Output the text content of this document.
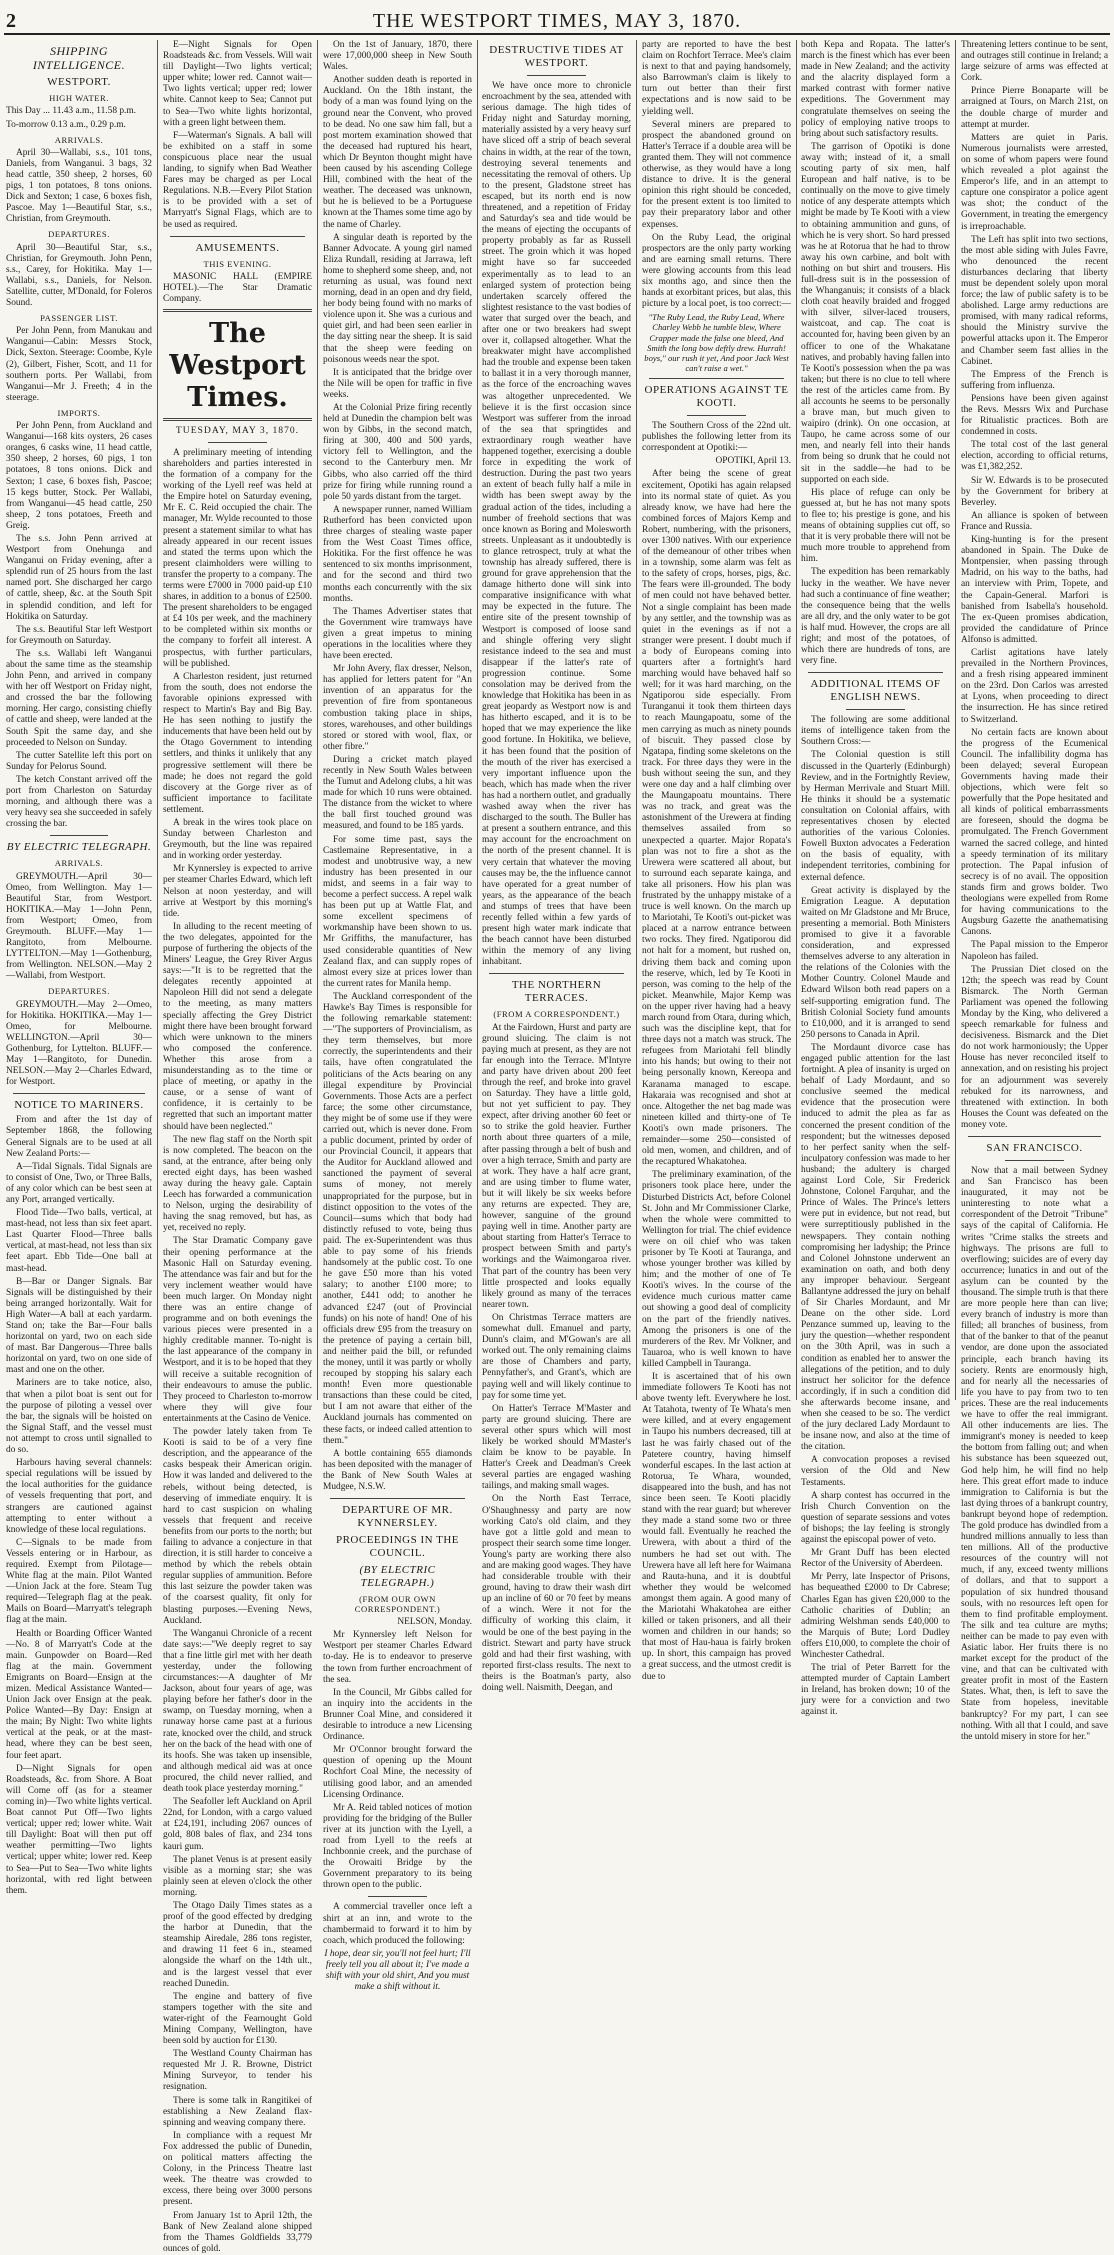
2	THE WESTPORT TIMES, MAY 3, 1870.
SHIPPING INTELLIGENCE.
WESTPORT.
HIGH WATER.

This Day ... 11.43 a.m., 11.58 p.m.

To-morrow 0.13 a.m., 0.29 p.m.

ARRIVALS.

April 30—Wallabi, s.s., 101 tons, Daniels, from Wanganui. 3 bags, 32 head cattle, 350 sheep, 2 horses, 60 pigs, 1 ton potatoes, 8 tons onions. Dick and Sexton; 1 case, 6 boxes fish, Pascoe. May 1—Beautiful Star, s.s., Christian, from Greymouth.

DEPARTURES.

April 30—Beautiful Star, s.s., Christian, for Greymouth. John Penn, s.s., Carey, for Hokitika. May 1—Wallabi, s.s., Daniels, for Nelson. Satellite, cutter, M'Donald, for Foleros Sound.

PASSENGER LIST.

Per John Penn, from Manukau and Wanganui—Cabin: Messrs Stock, Dick, Sexton. Steerage: Coombe, Kyle (2), Gilbert, Fisher, Scott, and 11 for southern ports. Per Wallabi, from Wanganui—Mr J. Freeth; 4 in the steerage.

IMPORTS.

Per John Penn, from Auckland and Wanganui—168 kits oysters, 26 cases oranges, 6 casks wine, 11 head cattle, 350 sheep, 2 horses, 60 pigs, 1 ton potatoes, 8 tons onions. Dick and Sexton; 1 case, 6 boxes fish, Pascoe; 15 kegs butter, Stock. Per Wallabi, from Wanganui—45 head cattle, 250 sheep, 2 tons potatoes, Freeth and Greig.

The s.s. John Penn arrived at Westport from Onehunga and Wanganui on Friday evening, after a splendid run of 25 hours from the last named port. She discharged her cargo of cattle, sheep, &c. at the South Spit in splendid condition, and left for Hokitika on Saturday.

The s.s. Beautiful Star left Westport for Greymouth on Saturday.

The s.s. Wallabi left Wanganui about the same time as the steamship John Penn, and arrived in company with her off Westport on Friday night, and crossed the bar the following morning. Her cargo, consisting chiefly of cattle and sheep, were landed at the South Spit the same day, and she proceeded to Nelson on Sunday.

The cutter Satellite left this port on Sunday for Pelorus Sound.

The ketch Constant arrived off the port from Charleston on Saturday morning, and although there was a very heavy sea she succeeded in safely crossing the bar.

BY ELECTRIC TELEGRAPH.
ARRIVALS.

GREYMOUTH.—April 30—Omeo, from Wellington. May 1—Beautiful Star, from Westport. HOKITIKA.—May 1—John Penn, from Westport; Omeo, from Greymouth. BLUFF.—May 1—Rangitoto, from Melbourne. LYTTELTON.—May 1—Gothenburg, from Wellington. NELSON.—May 2—Wallabi, from Westport.

DEPARTURES.

GREYMOUTH.—May 2—Omeo, for Hokitika. HOKITIKA.—May 1—Omeo, for Melbourne. WELLINGTON.—April 30—Gothenburg, for Lyttelton. BLUFF.—May 1—Rangitoto, for Dunedin. NELSON.—May 2—Charles Edward, for Westport.

NOTICE TO MARINERS.

From and after the 1st day of September 1868, the following General Signals are to be used at all New Zealand Ports:—

A—Tidal Signals. Tidal Signals are to consist of One, Two, or Three Balls, of any color which can be best seen at any Port, arranged vertically.

Flood Tide—Two balls, vertical, at mast-head, not less than six feet apart. Last Quarter Flood—Three balls vertical, at mast-head, not less than six feet apart. Ebb Tide—One ball at mast-head.

B—Bar or Danger Signals. Bar Signals will be distinguished by their being arranged horizontally. Wait for High Water—A ball at each yardarm. Stand on; take the Bar—Four balls horizontal on yard, two on each side of mast. Bar Dangerous—Three balls horizontal on yard, two on one side of mast and one on the other.

Mariners are to take notice, also, that when a pilot boat is sent out for the purpose of piloting a vessel over the bar, the signals will be hoisted on the Signal Staff, and the vessel must not attempt to cross until signalled to do so.

Harbours having several channels: special regulations will be issued by the local authorities for the guidance of vessels frequenting that port, and strangers are cautioned against attempting to enter without a knowledge of these local regulations.

C—Signals to be made from Vessels entering or in Harbour, as required. Exempt from Pilotage—White flag at the main. Pilot Wanted—Union Jack at the fore. Steam Tug required—Telegraph flag at the peak. Mails on Board—Marryatt's telegraph flag at the main.

Health or Boarding Officer Wanted—No. 8 of Marryatt's Code at the main. Gunpowder on Board—Red flag at the main. Government Emigrants on Board—Ensign at the mizen. Medical Assistance Wanted—Union Jack over Ensign at the peak. Police Wanted—By Day: Ensign at the main; By Night: Two white lights vertical at the peak, or at the mast-head, where they can be best seen, four feet apart.

D—Night Signals for open Roadsteads, &c. from Shore. A Boat will Come off (as for a steamer coming in)—Two white lights vertical. Boat cannot Put Off—Two lights vertical; upper red; lower white. Wait till Daylight: Boat will then put off weather permitting—Two lights vertical; upper white; lower red. Keep to Sea—Put to Sea—Two white lights horizontal, with red light between them.

E—Night Signals for Open Roadsteads &c. from Vessels. Will wait till Daylight—Two lights vertical; upper white; lower red. Cannot wait—Two lights vertical; upper red; lower white. Cannot keep to Sea; Cannot put to Sea—Two white lights horizontal, with a green light between them.

F—Waterman's Signals. A ball will be exhibited on a staff in some conspicuous place near the usual landing, to signify when Bad Weather Fares may be charged as per Local Regulations. N.B.—Every Pilot Station is to be provided with a set of Marryatt's Signal Flags, which are to be used as required.

AMUSEMENTS.
THIS EVENING.

MASONIC HALL (EMPIRE HOTEL).—The Star Dramatic Company.

The Westport Times.
TUESDAY, MAY 3, 1870.

A preliminary meeting of intending shareholders and parties interested in the formation of a company for the working of the Lyell reef was held at the Empire hotel on Saturday evening, Mr E. C. Reid occupied the chair. The manager, Mr. Wylde recounted to those present a statement similar to what has already appeared in our recent issues and stated the terms upon which the present claimholders were willing to transfer the property to a company. The terms were £7000 in 7000 paid-up £10 shares, in addition to a bonus of £2500. The present shareholders to be engaged at £4 10s per week, and the machinery to be completed within six months or the company to forfeit all interest. A prospectus, with further particulars, will be published.

A Charleston resident, just returned from the south, does not endorse the favorable opinions expressed with respect to Martin's Bay and Big Bay. He has seen nothing to justify the inducements that have been held out by the Otago Government to intending settlers, and thinks it unlikely that any progressive settlement will there be made; he does not regard the gold discovery at the Gorge river as of sufficient importance to facilitate settlement.

A break in the wires took place on Sunday between Charleston and Greymouth, but the line was repaired and in working order yesterday.

Mr Kynnersley is expected to arrive per steamer Charles Edward, which left Nelson at noon yesterday, and will arrive at Westport by this morning's tide.

In alluding to the recent meeting of the two delegates, appointed for the purpose of furthering the objects of the Miners' League, the Grey River Argus says:—"It is to be regretted that the delegates recently appointed at Napoleon Hill did not send a delegate to the meeting, as many matters specially affecting the Grey District might there have been brought forward which were unknown to the miners who composed the conference. Whether this arose from a misunderstanding as to the time or place of meeting, or apathy in the cause, or a sense of want of confidence, it is certainly to be regretted that such an important matter should have been neglected."

The new flag staff on the North spit is now completed. The beacon on the sand, at the entrance, after being only erected eight days, has been washed away during the heavy gale. Captain Leech has forwarded a communication to Nelson, urging the desirability of having the snag removed, but has, as yet, received no reply.

The Star Dramatic Company gave their opening performance at the Masonic Hall on Saturday evening. The attendance was fair and but for the very inclement weather would have been much larger. On Monday night there was an entire change of programme and on both evenings the various pieces were presented in a highly creditable manner. To-night is the last appearance of the company in Westport, and it is to be hoped that they will receive a suitable recognition of their endeavours to amuse the public. They proceed to Charleston to-morrow where they will give four entertainments at the Casino de Venice.

The powder lately taken from Te Kooti is said to be of a very fine description, and the appearance of the casks bespeak their American origin. How it was landed and delivered to the rebels, without being detected, is deserving of immediate enquiry. It is hard to cast suspicion on whaling vessels that frequent and receive benefits from our ports to the north; but failing to advance a conjecture in that direction, it is still harder to conceive a method by which the rebels obtain regular supplies of ammunition. Before this last seizure the powder taken was of the coarsest quality, fit only for blasting purposes.—Evening News, Auckland.

The Wanganui Chronicle of a recent date says:—"We deeply regret to say that a fine little girl met with her death yesterday, under the following circumstances:—A daughter of Mr Jackson, about four years of age, was playing before her father's door in the swamp, on Tuesday morning, when a runaway horse came past at a furious rate, knocked over the child, and struck her on the back of the head with one of its hoofs. She was taken up insensible, and although medical aid was at once procured, the child never rallied, and death took place yesterday morning."

The Seafoller left Auckland on April 22nd, for London, with a cargo valued at £24,191, including 2067 ounces of gold, 808 bales of flax, and 234 tons kauri gum.

The planet Venus is at present easily visible as a morning star; she was plainly seen at eleven o'clock the other morning.

The Otago Daily Times states as a proof of the good effected by dredging the harbor at Dunedin, that the steamship Airedale, 286 tons register, and drawing 11 feet 6 in., steamed alongside the wharf on the 14th ult., and is the largest vessel that ever reached Dunedin.

The engine and battery of five stampers together with the site and water-right of the Fearnought Gold Mining Company, Wellington, have been sold by auction for £130.

The Westland County Chairman has requested Mr J. R. Browne, District Mining Surveyor, to tender his resignation.

There is some talk in Rangitikei of establishing a New Zealand flax-spinning and weaving company there.

In compliance with a request Mr Fox addressed the public of Dunedin, on political matters affecting the Colony, in the Princess Theatre last week. The theatre was crowded to excess, there being over 3000 persons present.

From January 1st to April 12th, the Bank of New Zealand alone shipped from the Thames Goldfields 33,779 ounces of gold.

On the 1st of January, 1870, there were 17,000,000 sheep in New South Wales.

Another sudden death is reported in Auckland. On the 18th instant, the body of a man was found lying on the ground near the Convent, who proved to be dead. No one saw him fall, but a post mortem examination showed that the deceased had ruptured his heart, which Dr Beynton thought might have been caused by his ascending College Hill, combined with the heat of the weather. The deceased was unknown, but he is believed to be a Portuguese known at the Thames some time ago by the name of Charley.

A singular death is reported by the Banner Advocate. A young girl named Eliza Rundall, residing at Jarrawa, left home to shepherd some sheep, and, not returning as usual, was found next morning, dead in an open and dry field, her body being found with no marks of violence upon it. She was a curious and quiet girl, and had been seen earlier in the day sitting near the sheep. It is said that the sheep were feeding on poisonous weeds near the spot.

It is anticipated that the bridge over the Nile will be open for traffic in five weeks.

At the Colonial Prize firing recently held at Dunedin the champion belt was won by Gibbs, in the second match, firing at 300, 400 and 500 yards, victory fell to Wellington, and the second to the Canterbury men. Mr Gibbs, who also carried off the third prize for firing while running round a pole 50 yards distant from the target.

A newspaper runner, named William Rutherford has been convicted upon three charges of stealing waste paper from the West Coast Times office, Hokitika. For the first offence he was sentenced to six months imprisonment, and for the second and third two months each concurrently with the six months.

The Thames Advertiser states that the Government wire tramways have given a great impetus to mining operations in the localities where they have been erected.

Mr John Avery, flax dresser, Nelson, has applied for letters patent for "An invention of an apparatus for the prevention of fire from spontaneous combustion taking place in ships, stores, warehouses, and other buildings stored or stored with wool, flax, or other fibre."

During a cricket match played recently in New South Wales between the Tumut and Adelong clubs, a hit was made for which 10 runs were obtained. The distance from the wicket to where the ball first touched ground was measured, and found to be 185 yards.

For some time past, says the Castlemaine Representative, in a modest and unobtrusive way, a new industry has been presented in our midst, and seems in a fair way to become a perfect success. A repel walk has been put up at Wattle Flat, and some excellent specimens of workmanship have been shown to us. Mr Griffiths, the manufacturer, has used considerable quantities of New Zealand flax, and can supply ropes of almost every size at prices lower than the current rates for Manila hemp.

The Auckland correspondent of the Hawke's Bay Times is responsible for the following remarkable statement:—"The supporters of Provincialism, as they term themselves, but more correctly, the superintendents and their tails, have often congratulated the politicians of the Acts bearing on any illegal expenditure by Provincial Governments. Those Acts are a perfect farce; the some other circumstance, they might be of some use if they were carried out, which is never done. From a public document, printed by order of our Provincial Council, it appears that the Auditor for Auckland allowed and sanctioned the payment of several sums of money, not merely unappropriated for the purpose, but in distinct opposition to the votes of the Council—sums which that body had distinctly refused to vote, being thus paid. The ex-Superintendent was thus able to pay some of his friends handsomely at the public cost. To one he gave £50 more than his voted salary; to another £100 more; to another, £441 odd; to another he advanced £247 (out of Provincial funds) on his note of hand! One of his officials drew £95 from the treasury on the pretence of paying a certain bill, and neither paid the bill, or refunded the money, until it was partly or wholly recouped by stopping his salary each month! Even more questionable transactions than these could be cited, but I am not aware that either of the Auckland journals has commented on these facts, or indeed called attention to them."

A bottle containing 655 diamonds has been deposited with the manager of the Bank of New South Wales at Mudgee, N.S.W.

DEPARTURE OF MR. KYNNERSLEY.
PROCEEDINGS IN THE COUNCIL.
(BY ELECTRIC TELEGRAPH.)
(FROM OUR OWN CORRESPONDENT.)

NELSON, Monday.

Mr Kynnersley left Nelson for Westport per steamer Charles Edward to-day. He is to endeavor to preserve the town from further encroachment of the sea.

In the Council, Mr Gibbs called for an inquiry into the accidents in the Brunner Coal Mine, and considered it desirable to introduce a new Licensing Ordinance.

Mr O'Connor brought forward the question of opening up the Mount Rochfort Coal Mine, the necessity of utilising good labor, and an amended Licensing Ordinance.

Mr A. Reid tabled notices of motion providing for the bridging of the Buller river at its junction with the Lyell, a road from Lyell to the reefs at Inchbonnie creek, and the purchase of the Orowaiti Bridge by the Government preparatory to its being thrown open to the public.

A commercial traveller once left a shirt at an inn, and wrote to the chambermaid to forward it to him by coach, which produced the following:

I hope, dear sir, you'll not feel hurt; I'll freely tell you all about it; I've made a shift with your old shirt, And you must make a shift without it.

DESTRUCTIVE TIDES AT WESTPORT.

We have once more to chronicle encroachment by the sea, attended with serious damage. The high tides of Friday night and Saturday morning, materially assisted by a very heavy surf have sliced off a strip of beach several chains in width, at the rear of the town, destroying several tenements and necessitating the removal of others. Up to the present, Gladstone street has escaped, but its north end is now threatened, and a repetition of Friday and Saturday's sea and tide would be the means of ejecting the occupants of property probably as far as Russell street. The groin which it was hoped might have so far succeeded experimentally as to lead to an enlarged system of protection being undertaken scarcely offered the slightest resistance to the vast bodies of water that surged over the beach, and after one or two breakers had swept over it, collapsed altogether. What the breakwater might have accomplished had the trouble and expense been taken to ballast it in a very thorough manner, as the force of the encroaching waves was altogether unprecedented. We believe it is the first occasion since Westport was sufferer from the inroad of the sea that springtides and extraordinary rough weather have happened together, exercising a double force in expediting the work of destruction. During the past two years an extent of beach fully half a mile in width has been swept away by the gradual action of the tides, including a number of freehold sections that was once known as Boring and Molesworth streets. Unpleasant as it undoubtedly is to glance retrospect, truly at what the township has already suffered, there is ground for grave apprehension that the damage hitherto done will sink into comparative insignificance with what may be expected in the future. The entire site of the present township of Westport is composed of loose sand and shingle offering very slight resistance indeed to the sea and must disappear if the latter's rate of progression continue. Some consolation may be derived from the knowledge that Hokitika has been in as great jeopardy as Westport now is and has hitherto escaped, and it is to be hoped that we may experience the like good fortune. In Hokitika, we believe, it has been found that the position of the mouth of the river has exercised a very important influence upon the beach, which has made when the river has had a northern outlet, and gradually washed away when the river has discharged to the south. The Buller has at present a southern entrance, and this may account for the encroachment on the north of the present channel. It is very certain that whatever the moving causes may be, the the influence cannot have operated for a great number of years, as the appearance of the beach and stumps of trees that have been recently felled within a few yards of present high water mark indicate that the beach cannot have been disturbed within the memory of any living inhabitant.

THE NORTHERN TERRACES.
(FROM A CORRESPONDENT.)

At the Fairdown, Hurst and party are ground sluicing. The claim is not paying much at present, as they are not far enough into the Terrace. M'Intyre and party have driven about 200 feet through the reef, and broke into gravel on Saturday. They have a little gold, but not yet sufficient to pay. They expect, after driving another 60 feet or so to strike the gold heavier. Further north about three quarters of a mile, after passing through a belt of bush and over a high terrace, Smith and party are at work. They have a half acre grant, and are using timber to flume water, but it will likely be six weeks before any returns are expected. They are, however, sanguine of the ground paying well in time. Another party are about starting from Hatter's Terrace to prospect between Smith and party's workings and the Waimongaroa river. That part of the country has been very little prospected and looks equally likely ground as many of the terraces nearer town.

On Christmas Terrace matters are somewhat dull. Emanuel and party, Dunn's claim, and M'Gowan's are all worked out. The only remaining claims are those of Chambers and party, Pennyfather's, and Grant's, which are paying well and will likely continue to pay for some time yet.

On Hatter's Terrace M'Master and party are ground sluicing. There are several other spurs which will most likely be worked should M'Master's claim be know to be payable. In Hatter's Creek and Deadman's Creek several parties are engaged washing tailings, and making small wages.

On the North East Terrace, O'Shaughnessy and party are now working Cato's old claim, and they have got a little gold and mean to prospect their search some time longer. Young's party are working there also and are making good wages. They have had considerable trouble with their ground, having to draw their wash dirt up an incline of 60 or 70 feet by means of a winch. Were it not for the difficulty of working this claim, it would be one of the best paying in the district. Stewart and party have struck gold and had their first washing, with reported first-class results. The next to theirs is the Boatman's party, also doing well. Naismith, Deegan, and

party are reported to have the best claim on Rochfort Terrace. Mee's claim is next to that and paying handsomely, also Barrowman's claim is likely to turn out better than their first expectations and is now said to be yielding well.

Several miners are prepared to prospect the abandoned ground on Hatter's Terrace if a double area will be granted them. They will not commence otherwise, as they would have a long distance to drive. It is the general opinion this right should be conceded, for the present extent is too limited to pay their preparatory labor and other expenses.

On the Ruby Lead, the original prospectors are the only party working and are earning small returns. There were glowing accounts from this lead six months ago, and since then the hands at exorbitant prices, but alas, this picture by a local poet, is too correct:—

"The Ruby Lead, the Ruby Lead, Where Charley Webb he tumble blew, Where Crapper made the false one bleed, And Smith the long bow deftly drew. Hurrah! boys," our rush it yet, And poor Jack West can't raise a wet."

OPERATIONS AGAINST TE KOOTI.

The Southern Cross of the 22nd ult. publishes the following letter from its correspondent at Opotiki:—

OPOTIKI, April 13.

After being the scene of great excitement, Opotiki has again relapsed into its normal state of quiet. As you already know, we have had here the combined forces of Majors Kemp and Robert, numbering, with the prisoners, over 1300 natives. With our experience of the demeanour of other tribes when in a township, some alarm was felt as to the safety of crops, horses, pigs, &c. The fears were ill-grounded. The body of men could not have behaved better. Not a single complaint has been made by any settler, and the township was as quiet in the evenings as if not a stranger were present. I doubt much if a body of Europeans coming into quarters after a fortnight's hard marching would have behaved half so well; for it was hard marching, on the Ngatiporou side especially. From Turanganui it took them thirteen days to reach Maungapoatu, some of the men carrying as much as ninety pounds of biscuit. They passed close by Ngatapa, finding some skeletons on the track. For three days they were in the bush without seeing the sun, and they were one day and a half climbing over the Maungapoatu mountains. There was no track, and great was the astonishment of the Urewera at finding themselves assailed from so unexpected a quarter. Major Ropata's plan was not to fire a shot as the Urewera were scattered all about, but to surround each separate kainga, and take all prisoners. How his plan was frustrated by the unhappy mistake of a truce is well known. On the march up to Mariotahi, Te Kooti's out-picket was placed at a narrow entrance between two rocks. They fired. Ngatiporou did not halt for a moment, but rushed on, driving them back and coming upon the reserve, which, led by Te Kooti in person, was coming to the help of the picket. Meanwhile, Major Kemp was on the upper river having had a heavy march round from Otara, during which, such was the discipline kept, that for three days not a match was struck. The refugees from Mariotahi fell blindly into his hands; but owing to their not being personally known, Kereopa and Karanama managed to escape. Hakaraia was recognised and shot at once. Altogether the net bag made was nineteen killed and thirty-one of Te Kooti's own made prisoners. The remainder—some 250—consisted of old men, women, and children, and of the recaptured Whakatohea.

The preliminary examination, of the prisoners took place here, under the Disturbed Districts Act, before Colonel St. John and Mr Commissioner Clarke, when the whole were committed to Wellington for trial. The chief evidence were on oil chief who was taken prisoner by Te Kooti at Tauranga, and whose younger brother was killed by him; and the mother of one of Te Kooti's wives. In the course of the evidence much curious matter came out showing a good deal of complicity on the part of the friendly natives. Among the prisoners is one of the murderers of the Rev. Mr Volkner, and Tauaroa, who is well known to have killed Campbell in Tauranga.

It is ascertained that of his own immediate followers Te Kooti has not above twenty left. Everywhere he lost. At Tatahota, twenty of Te Whata's men were killed, and at every engagement in Taupo his numbers decreased, till at last he was fairly chased out of the Patetere country, having himself wonderful escapes. In the last action at Rotorua, Te Whara, wounded, disappeared into the bush, and has not since been seen. Te Kooti placidly stand with the rear guard; but wherever they made a stand some two or three would fall. Eventually he reached the Urewera, with about a third of the numbers he had set out with. The Urewera have all left here for Waimana and Rauta-huna, and it is doubtful whether they would be welcomed amongst them again. A good many of the Mariotahi Whakatohea are either killed or taken prisoners, and all their women and children in our hands; so that most of Hau-haua is fairly broken up. In short, this campaign has proved a great success, and the utmost credit is due to

both Kepa and Ropata. The latter's march is the finest which has ever been made in New Zealand; and the activity and the alacrity displayed form a marked contrast with former native expeditions. The Government may congratulate themselves on seeing the policy of employing native troops to bring about such satisfactory results.

The garrison of Opotiki is done away with; instead of it, a small scouting party of six men, half European and half native, is to be continually on the move to give timely notice of any desperate attempts which might be made by Te Kooti with a view to obtaining ammunition and guns, of which he is very short. So hard pressed was he at Rotorua that he had to throw away his own carbine, and bolt with nothing on but shirt and trousers. His full-dress suit is in the possession of the Whanganuis; it consists of a black cloth coat heavily braided and frogged with silver, silver-laced trousers, waistcoat, and cap. The coat is accounted for, having been given by an officer to one of the Whakatane natives, and probably having fallen into Te Kooti's possession when the pa was taken; but there is no clue to tell where the rest of the articles came from. By all accounts he seems to be personally a brave man, but much given to waipiro (drink). On one occasion, at Taupo, he came across some of our men, and nearly fell into their hands from being so drunk that he could not sit in the saddle—he had to be supported on each side.

His place of refuge can only be guessed at, but he has not many spots to flee to; his prestige is gone, and his means of obtaining supplies cut off, so that it is very probable there will not be much more trouble to apprehend from him.

The expedition has been remarkably lucky in the weather. We have never had such a continuance of fine weather; the consequence being that the wells are all dry, and the only water to be got is half mud. However, the crops are all right; and most of the potatoes, of which there are hundreds of tons, are very fine.

ADDITIONAL ITEMS OF ENGLISH NEWS.

The following are some additional items of intelligence taken from the Southern Cross:—

The Colonial question is still discussed in the Quarterly (Edinburgh) Review, and in the Fortnightly Review, by Herman Merrivale and Stuart Mill. He thinks it should be a systematic consultation on Colonial affairs, with representatives chosen by elected authorities of the various Colonies. Fowell Buxton advocates a Federation on the basis of equality, with independent territories, combining for external defence.

Great activity is displayed by the Emigration League. A deputation waited on Mr Gladstone and Mr Bruce, presenting a memorial. Both Ministers promised to give it a favorable consideration, and expressed themselves adverse to any alteration in the relations of the Colonies with the Mother Country. Colonel Maude and Edward Wilson both read papers on a self-supporting emigration fund. The British Colonial Society fund amounts to £10,000, and it is arranged to send 250 persons to Canada in April.

The Mordaunt divorce case has engaged public attention for the last fortnight. A plea of insanity is urged on behalf of Lady Mordaunt, and so conclusive seemed the medical evidence that the prosecution were induced to admit the plea as far as concerned the present condition of the respondent; but the witnesses deposed to her perfect sanity when the self-inculpatory confession was made to her husband; the adultery is charged against Lord Cole, Sir Frederick Johnstone, Colonel Farquhar, and the Prince of Wales. The Prince's letters were put in evidence, but not read, but were surreptitiously published in the newspapers. They contain nothing compromising her ladyship; the Prince and Colonel Johnstone underwent an examination on oath, and both deny any improper behaviour. Sergeant Ballantyne addressed the jury on behalf of Sir Charles Mordaunt, and Mr Deane on the other side. Lord Penzance summed up, leaving to the jury the question—whether respondent on the 30th April, was in such a condition as enabled her to answer the allegations of the petition, and to duly instruct her solicitor for the defence accordingly, if in such a condition did she afterwards become insane, and when she ceased to be so. The verdict of the jury declared Lady Mordaunt to be insane now, and also at the time of the citation.

A convocation proposes a revised version of the Old and New Testaments.

A sharp contest has occurred in the Irish Church Convention on the question of separate sessions and votes of bishops; the lay feeling is strongly against the episcopal power of veto.

Mr Grant Duff has been elected Rector of the University of Aberdeen.

Mr Perry, late Inspector of Prisons, has bequeathed £2000 to Dr Cabrese; Charles Egan has given £20,000 to the Catholic charities of Dublin; an admiring Welshman sends £40,000 to the Marquis of Bute; Lord Dudley offers £10,000, to complete the choir of Winchester Cathedral.

The trial of Peter Barrett for the attempted murder of Captain Lambert in Ireland, has broken down; 10 of the jury were for a conviction and two against it.

Threatening letters continue to be sent, and outrages still continue in Ireland; a large seizure of arms was effected at Cork.

Prince Pierre Bonaparte will be arraigned at Tours, on March 21st, on the double charge of murder and attempt at murder.

Matters are quiet in Paris. Numerous journalists were arrested, on some of whom papers were found which revealed a plot against the Emperor's life, and in an attempt to capture one conspirator a police agent was shot; the conduct of the Government, in treating the emergency is irreproachable.

The Left has split into two sections, the most able siding with Jules Favre, who denounced the recent disturbances declaring that liberty must be dependent solely upon moral force; the law of public safety is to be abolished. Large army reductions are promised, with many radical reforms, should the Ministry survive the powerful attacks upon it. The Emperor and Chamber seem fast allies in the Cabinet.

The Empress of the French is suffering from influenza.

Pensions have been given against the Revs. Messrs Wix and Purchase for Ritualistic practices. Both are condemned in costs.

The total cost of the last general election, according to official returns, was £1,382,252.

Sir W. Edwards is to be prosecuted by the Government for bribery at Beverley.

An alliance is spoken of between France and Russia.

King-hunting is for the present abandoned in Spain. The Duke de Montpensier, when passing through Madrid, on his way to the baths, had an interview with Prim, Topete, and the Capain-General. Marfori is banished from Isabella's household. The ex-Queen promises abdication, provided the candidature of Prince Alfonso is admitted.

Carlist agitations have lately prevailed in the Northern Provinces, and a fresh rising appeared imminent on the 23rd. Don Carlos was arrested at Lyons, when proceeding to direct the insurrection. He has since retired to Switzerland.

No certain facts are known about the progress of the Ecumenical Council. The infallibility dogma has been delayed; several European Governments having made their objections, which were felt so powerfully that the Pope hesitated and all kinds of political embarrassments are foreseen, should the dogma be promulgated. The French Government warned the sacred college, and hinted a speedy termination of its military protection. The Papal infusion of secrecy is of no avail. The opposition stands firm and grows bolder. Two theologians were expelled from Rome for having communications to the Augsburg Gazette the anathematising Canons.

The Papal mission to the Emperor Napoleon has failed.

The Prussian Diet closed on the 12th; the speech was read by Count Bismarck. The North German Parliament was opened the following Monday by the King, who delivered a speech remarkable for fulness and decisiveness. Bismarck and the Diet do not work harmoniously; the Upper House has never reconciled itself to annexation, and on resisting his project for an adjournment was severely rebuked for its narrowness, and threatened with extinction. In both Houses the Count was defeated on the money vote.

SAN FRANCISCO.

Now that a mail between Sydney and San Francisco has been inaugurated, it may not be uninteresting to note what a correspondent of the Detroit "Tribune" says of the capital of California. He writes "Crime stalks the streets and highways. The prisons are full to overflowing; suicides are of every day occurrence; lunatics in and out of the asylum can be counted by the thousand. The simple truth is that there are more people here than can live; every branch of industry is more than filled; all branches of business, from that of the banker to that of the peanut vendor, are done upon the associated principle, each branch having its society. Rents are enormously high, and for nearly all the necessaries of life you have to pay from two to ten prices. These are the real inducements we have to offer the real immigrant. All other inducements are lies. The immigrant's money is needed to keep the bottom from falling out; and when his substance has been squeezed out, God help him, he will find no help here. This great effort made to induce immigration to California is but the last dying throes of a bankrupt country, bankrupt beyond hope of redemption. The gold produce has dwindled from a hundred millions annually to less than ten millions. All of the productive resources of the country will not much, if any, exceed twenty millions of dollars, and that to support a population of six hundred thousand souls, with no resources left open for them to find profitable employment. The silk and tea culture are myths; neither can be made to pay even with Asiatic labor. Her fruits there is no market except for the product of the vine, and that can be cultivated with greater profit in most of the Eastern States. What, then, is left to save the State from hopeless, inevitable bankruptcy? For my part, I can see nothing. With all that I could, and save the untold misery in store for her."
